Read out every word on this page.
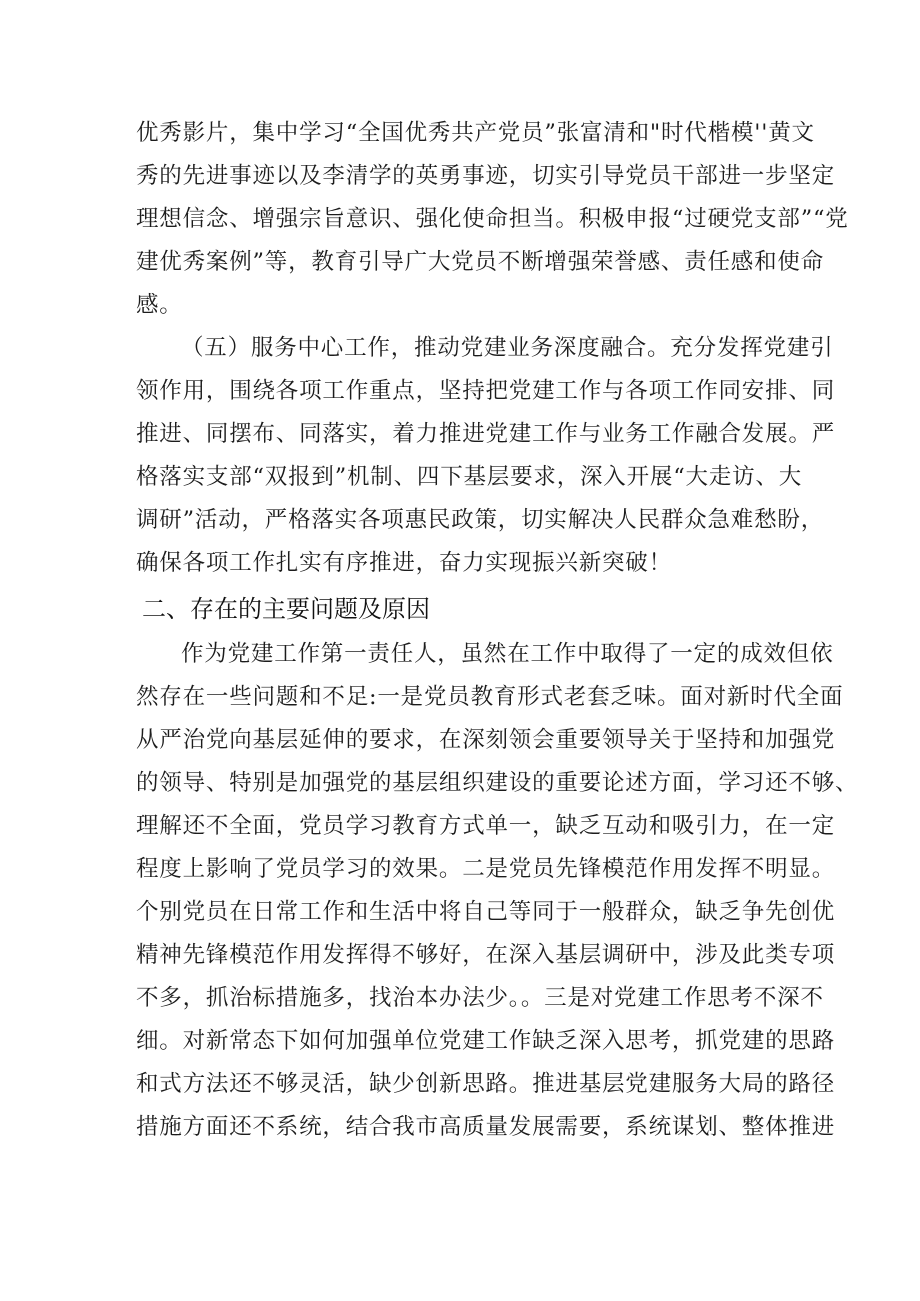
优秀影片，集中学习“全国优秀共产党员”张富清和"时代楷模''黄文
秀的先进事迹以及李清学的英勇事迹，切实引导党员干部进一步坚定
理想信念、增强宗旨意识、强化使命担当。积极申报“过硬党支部”“党
建优秀案例”等，教育引导广大党员不断增强荣誉感、责任感和使命
感。
（五）服务中心工作，推动党建业务深度融合。充分发挥党建引
领作用，围绕各项工作重点，坚持把党建工作与各项工作同安排、同
推进、同摆布、同落实，着力推进党建工作与业务工作融合发展。严
格落实支部“双报到”机制、四下基层要求，深入开展“大走访、大
调研”活动，严格落实各项惠民政策，切实解决人民群众急难愁盼，
确保各项工作扎实有序推进，奋力实现振兴新突破！
二、存在的主要问题及原因
作为党建工作第一责任人，虽然在工作中取得了一定的成效但依
然存在一些问题和不足:一是党员教育形式老套乏味。面对新时代全面
从严治党向基层延伸的要求，在深刻领会重要领导关于坚持和加强党
的领导、特别是加强党的基层组织建设的重要论述方面，学习还不够、
理解还不全面，党员学习教育方式单一，缺乏互动和吸引力，在一定
程度上影响了党员学习的效果。二是党员先锋模范作用发挥不明显。
个别党员在日常工作和生活中将自己等同于一般群众，缺乏争先创优
精神先锋模范作用发挥得不够好，在深入基层调研中，涉及此类专项
不多，抓治标措施多，找治本办法少。。三是对党建工作思考不深不
细。对新常态下如何加强单位党建工作缺乏深入思考，抓党建的思路
和式方法还不够灵活，缺少创新思路。推进基层党建服务大局的路径
措施方面还不系统，结合我市高质量发展需要，系统谋划、整体推进
